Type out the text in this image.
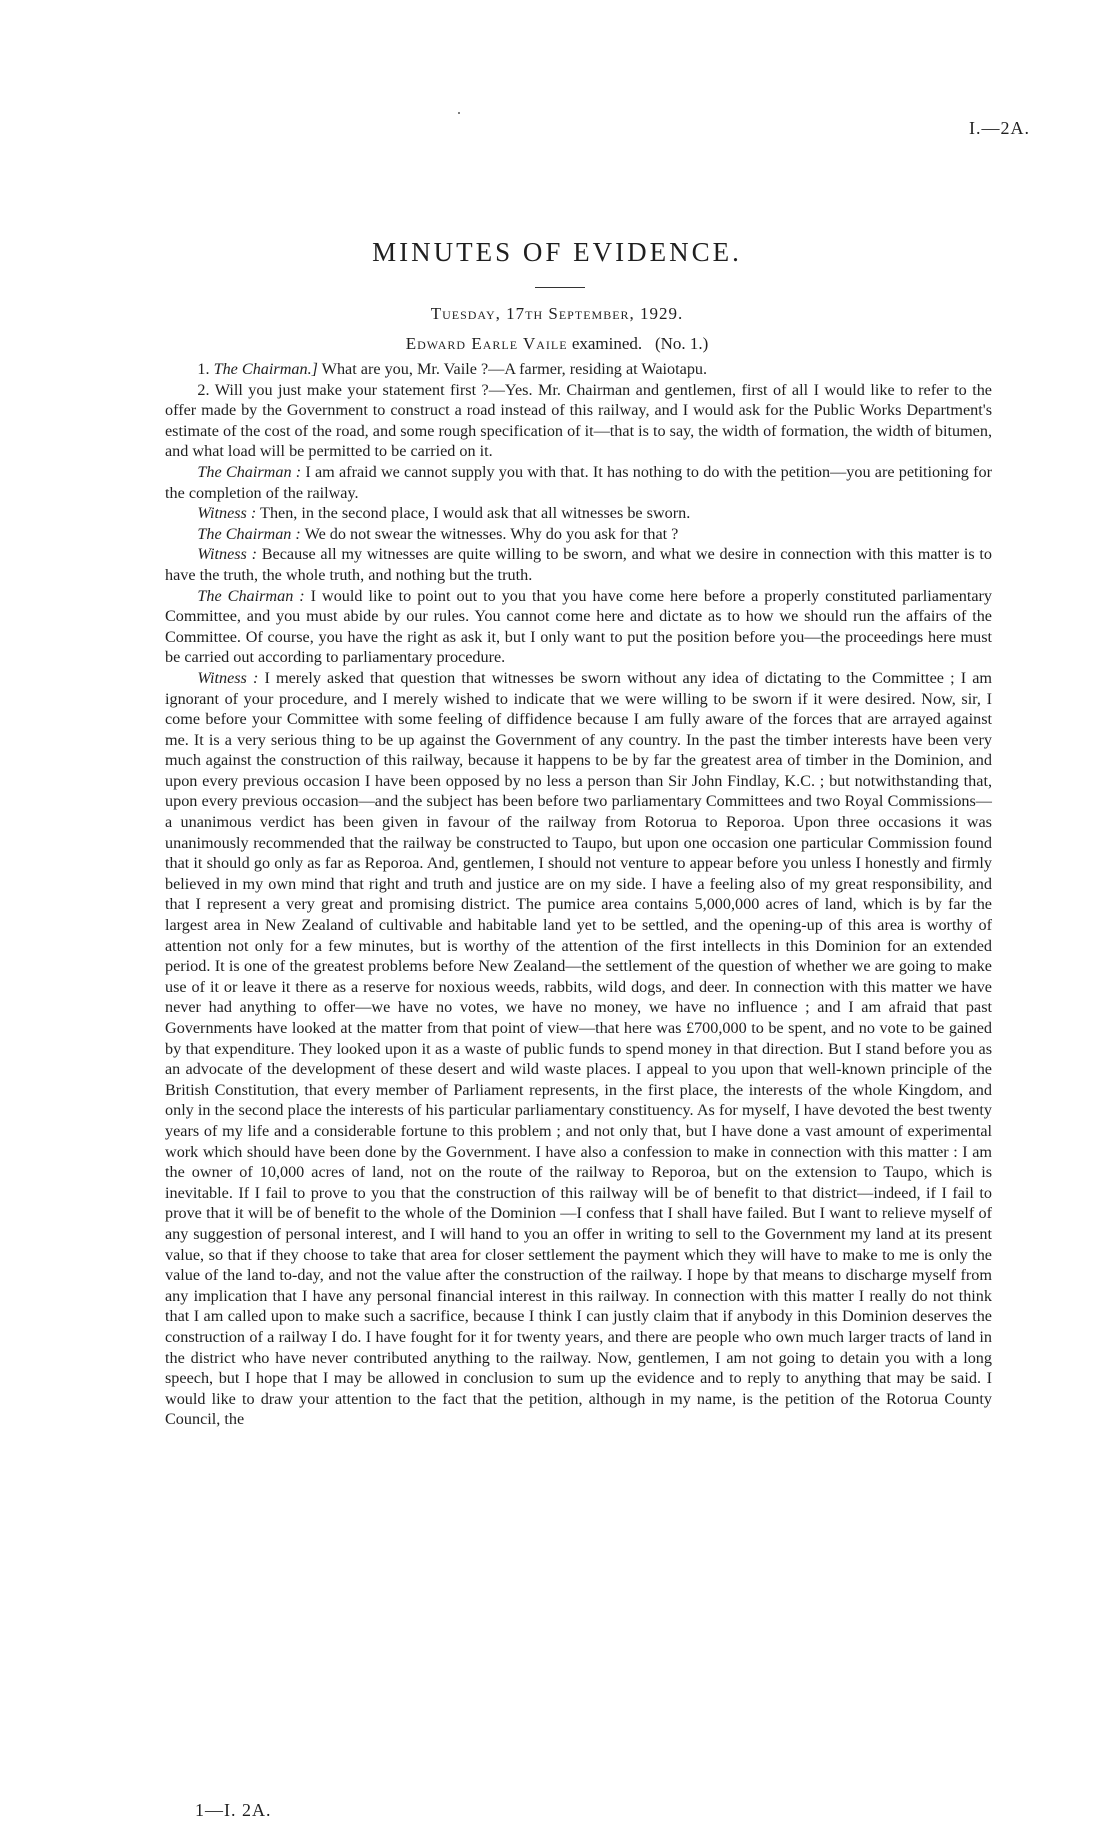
I.—2A.
MINUTES OF EVIDENCE.
Tuesday, 17th September, 1929.
Edward Earle Vaile examined. (No. 1.)

1. The Chairman.] What are you, Mr. Vaile ?—A farmer, residing at Waiotapu.

2. Will you just make your statement first ?—Yes. Mr. Chairman and gentlemen, first of all I would like to refer to the offer made by the Government to construct a road instead of this railway, and I would ask for the Public Works Department's estimate of the cost of the road, and some rough specification of it—that is to say, the width of formation, the width of bitumen, and what load will be permitted to be carried on it.

The Chairman : I am afraid we cannot supply you with that. It has nothing to do with the petition—you are petitioning for the completion of the railway.

Witness : Then, in the second place, I would ask that all witnesses be sworn.

The Chairman : We do not swear the witnesses. Why do you ask for that ?

Witness : Because all my witnesses are quite willing to be sworn, and what we desire in connection with this matter is to have the truth, the whole truth, and nothing but the truth.

The Chairman : I would like to point out to you that you have come here before a properly constituted parliamentary Committee, and you must abide by our rules. You cannot come here and dictate as to how we should run the affairs of the Committee. Of course, you have the right as ask it, but I only want to put the position before you—the proceedings here must be carried out according to parliamentary procedure.

Witness : I merely asked that question that witnesses be sworn without any idea of dictating to the Committee ; I am ignorant of your procedure, and I merely wished to indicate that we were willing to be sworn if it were desired. Now, sir, I come before your Committee with some feeling of diffidence because I am fully aware of the forces that are arrayed against me. It is a very serious thing to be up against the Government of any country. In the past the timber interests have been very much against the construction of this railway, because it happens to be by far the greatest area of timber in the Dominion, and upon every previous occasion I have been opposed by no less a person than Sir John Findlay, K.C. ; but notwithstanding that, upon every previous occasion—and the subject has been before two parliamentary Committees and two Royal Commissions—a unanimous verdict has been given in favour of the railway from Rotorua to Reporoa. Upon three occasions it was unanimously recommended that the railway be constructed to Taupo, but upon one occasion one particular Commission found that it should go only as far as Reporoa. And, gentlemen, I should not venture to appear before you unless I honestly and firmly believed in my own mind that right and truth and justice are on my side. I have a feeling also of my great responsibility, and that I represent a very great and promising district. The pumice area contains 5,000,000 acres of land, which is by far the largest area in New Zealand of cultivable and habitable land yet to be settled, and the opening-up of this area is worthy of attention not only for a few minutes, but is worthy of the attention of the first intellects in this Dominion for an extended period. It is one of the greatest problems before New Zealand—the settlement of the question of whether we are going to make use of it or leave it there as a reserve for noxious weeds, rabbits, wild dogs, and deer. In connection with this matter we have never had anything to offer—we have no votes, we have no money, we have no influence ; and I am afraid that past Governments have looked at the matter from that point of view—that here was £700,000 to be spent, and no vote to be gained by that expenditure. They looked upon it as a waste of public funds to spend money in that direction. But I stand before you as an advocate of the development of these desert and wild waste places. I appeal to you upon that well-known principle of the British Constitution, that every member of Parliament represents, in the first place, the interests of the whole Kingdom, and only in the second place the interests of his particular parliamentary constituency. As for myself, I have devoted the best twenty years of my life and a considerable fortune to this problem ; and not only that, but I have done a vast amount of experimental work which should have been done by the Government. I have also a confession to make in connection with this matter : I am the owner of 10,000 acres of land, not on the route of the railway to Reporoa, but on the extension to Taupo, which is inevitable. If I fail to prove to you that the construction of this railway will be of benefit to that district—indeed, if I fail to prove that it will be of benefit to the whole of the Dominion —I confess that I shall have failed. But I want to relieve myself of any suggestion of personal interest, and I will hand to you an offer in writing to sell to the Government my land at its present value, so that if they choose to take that area for closer settlement the payment which they will have to make to me is only the value of the land to-day, and not the value after the construction of the railway. I hope by that means to discharge myself from any implication that I have any personal financial interest in this railway. In connection with this matter I really do not think that I am called upon to make such a sacrifice, because I think I can justly claim that if anybody in this Dominion deserves the construction of a railway I do. I have fought for it for twenty years, and there are people who own much larger tracts of land in the district who have never contributed anything to the railway. Now, gentlemen, I am not going to detain you with a long speech, but I hope that I may be allowed in conclusion to sum up the evidence and to reply to anything that may be said. I would like to draw your attention to the fact that the petition, although in my name, is the petition of the Rotorua County Council, the

1—I. 2A.
